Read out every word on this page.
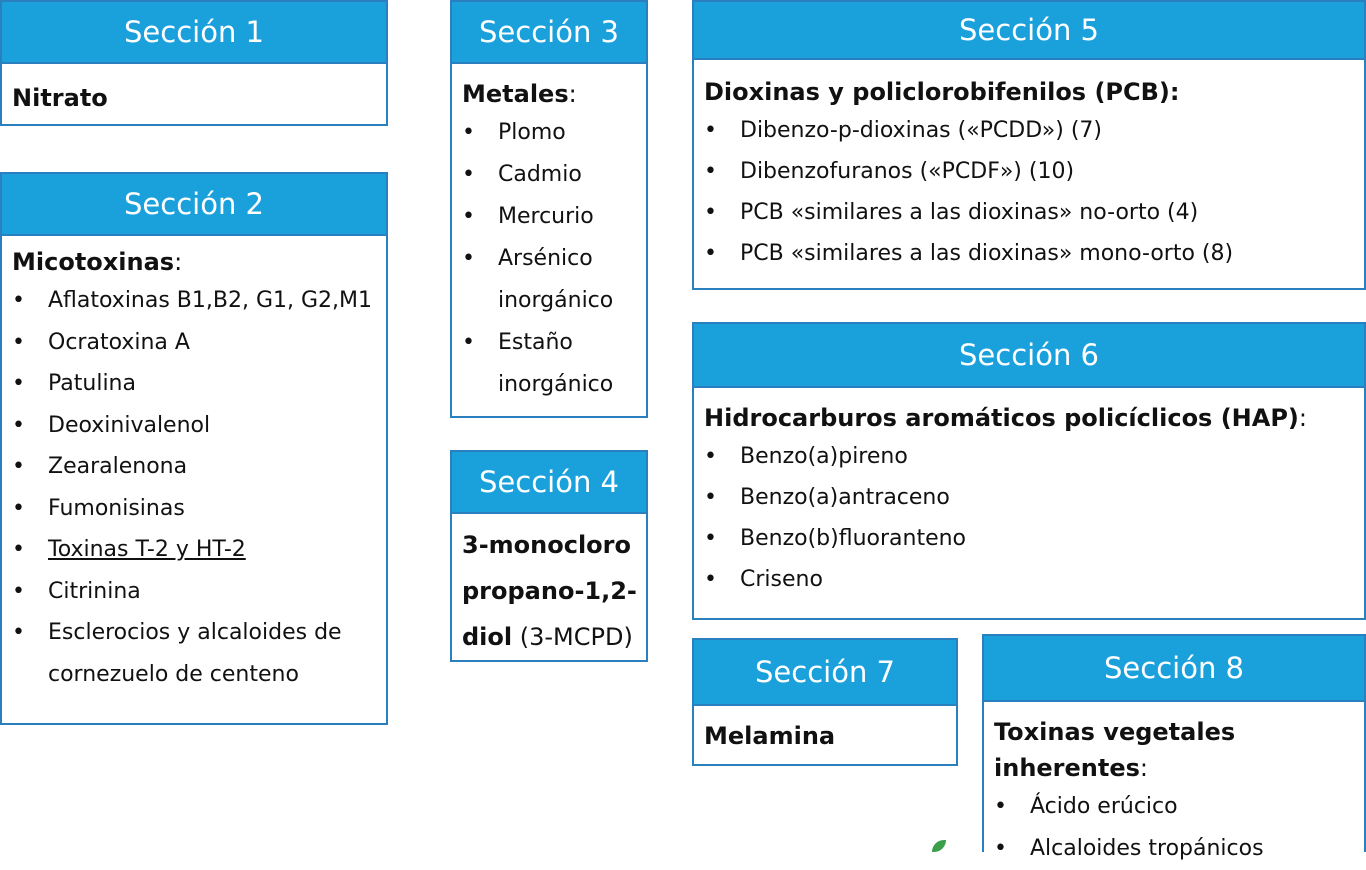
Sección 1
Nitrato
Sección 2
Micotoxinas:
• Aflatoxinas B1,B2, G1, G2,M1
• Ocratoxina A
• Patulina
• Deoxinivalenol
• Zearalenona
• Fumonisinas
• Toxinas T-2 y HT-2
• Citrinina
• Esclerocios y alcaloides de cornezuelo de centeno
Sección 3
Metales:
• Plomo
• Cadmio
• Mercurio
• Arsénico inorgánico
• Estaño inorgánico
Sección 4
3-monocloro propano-1,2-diol (3-MCPD)
Sección 5
Dioxinas y policlorobifenilos (PCB):
• Dibenzo-p-dioxinas («PCDD») (7)
• Dibenzofuranos («PCDF») (10)
• PCB «similares a las dioxinas» no-orto (4)
• PCB «similares a las dioxinas» mono-orto (8)
Sección 6
Hidrocarburos aromáticos policíclicos (HAP):
• Benzo(a)pireno
• Benzo(a)antraceno
• Benzo(b)fluoranteno
• Criseno
Sección 7
Melamina
Sección 8
Toxinas vegetales inherentes:
• Ácido erúcico
• Alcaloides tropánicos
